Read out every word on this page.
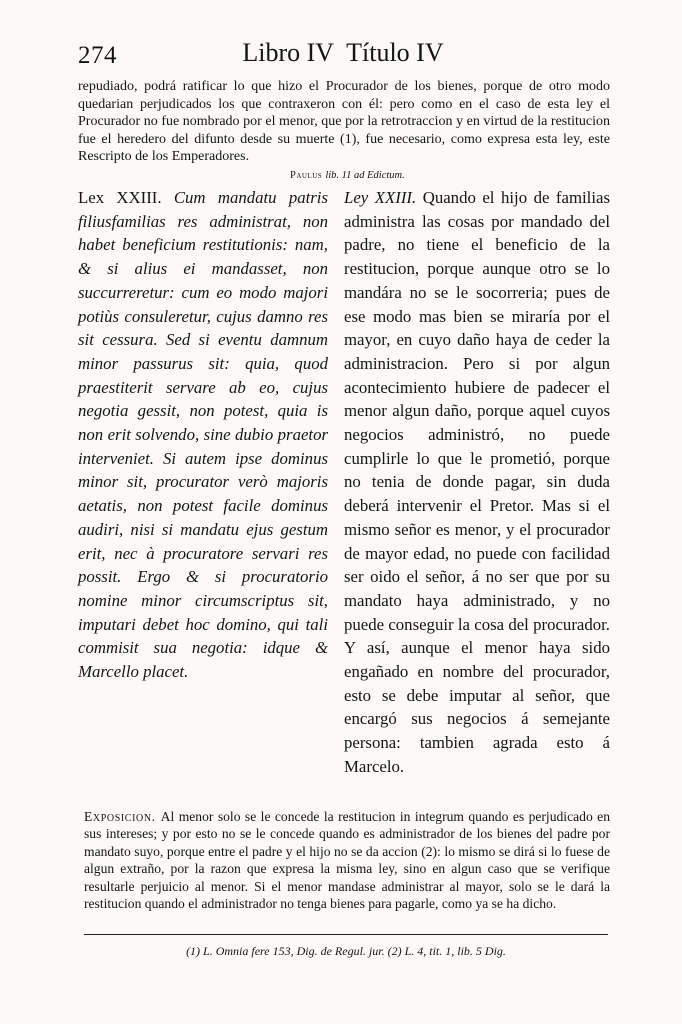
274	Libro IV  Título IV
repudiado, podrá ratificar lo que hizo el Procurador de los bienes, porque de otro modo quedarian perjudicados los que contraxeron con él: pero como en el caso de esta ley el Procurador no fue nombrado por el menor, que por la retrotraccion y en virtud de la restitucion fue el heredero del difunto desde su muerte (1), fue necesario, como expresa esta ley, este Rescripto de los Emperadores.
Paulus lib. 11 ad Edictum.
Lex XXIII. Cum mandatu patris filiusfamilias res administrat, non habet beneficium restitutionis: nam, & si alius ei mandasset, non succurreretur: cum eo modo majori potiùs consuleretur, cujus damno res sit cessura. Sed si eventu damnum minor passurus sit: quia, quod praestiterit servare ab eo, cujus negotia gessit, non potest, quia is non erit solvendo, sine dubio praetor interveniet. Si autem ipse dominus minor sit, procurator verò majoris aetatis, non potest facile dominus audiri, nisi si mandatu ejus gestum erit, nec à procuratore servari res possit. Ergo & si procuratorio nomine minor circumscriptus sit, imputari debet hoc domino, qui tali commisit sua negotia: idque & Marcello placet.
Ley XXIII. Quando el hijo de familias administra las cosas por mandado del padre, no tiene el beneficio de la restitucion, porque aunque otro se lo mandára no se le socorreria; pues de ese modo mas bien se miraría por el mayor, en cuyo daño haya de ceder la administracion. Pero si por algun acontecimiento hubiere de padecer el menor algun daño, porque aquel cuyos negocios administró, no puede cumplirle lo que le prometió, porque no tenia de donde pagar, sin duda deberá intervenir el Pretor. Mas si el mismo señor es menor, y el procurador de mayor edad, no puede con facilidad ser oido el señor, á no ser que por su mandato haya administrado, y no puede conseguir la cosa del procurador. Y así, aunque el menor haya sido engañado en nombre del procurador, esto se debe imputar al señor, que encargó sus negocios á semejante persona: tambien agrada esto á Marcelo.
Exposicion. Al menor solo se le concede la restitucion in integrum quando es perjudicado en sus intereses; y por esto no se le concede quando es administrador de los bienes del padre por mandato suyo, porque entre el padre y el hijo no se da accion (2): lo mismo se dirá si lo fuese de algun extraño, por la razon que expresa la misma ley, sino en algun caso que se verifique resultarle perjuicio al menor. Si el menor mandase administrar al mayor, solo se le dará la restitucion quando el administrador no tenga bienes para pagarle, como ya se ha dicho.
(1) L. Omnia fere 153, Dig. de Regul. jur. (2) L. 4, tit. 1, lib. 5 Dig.
